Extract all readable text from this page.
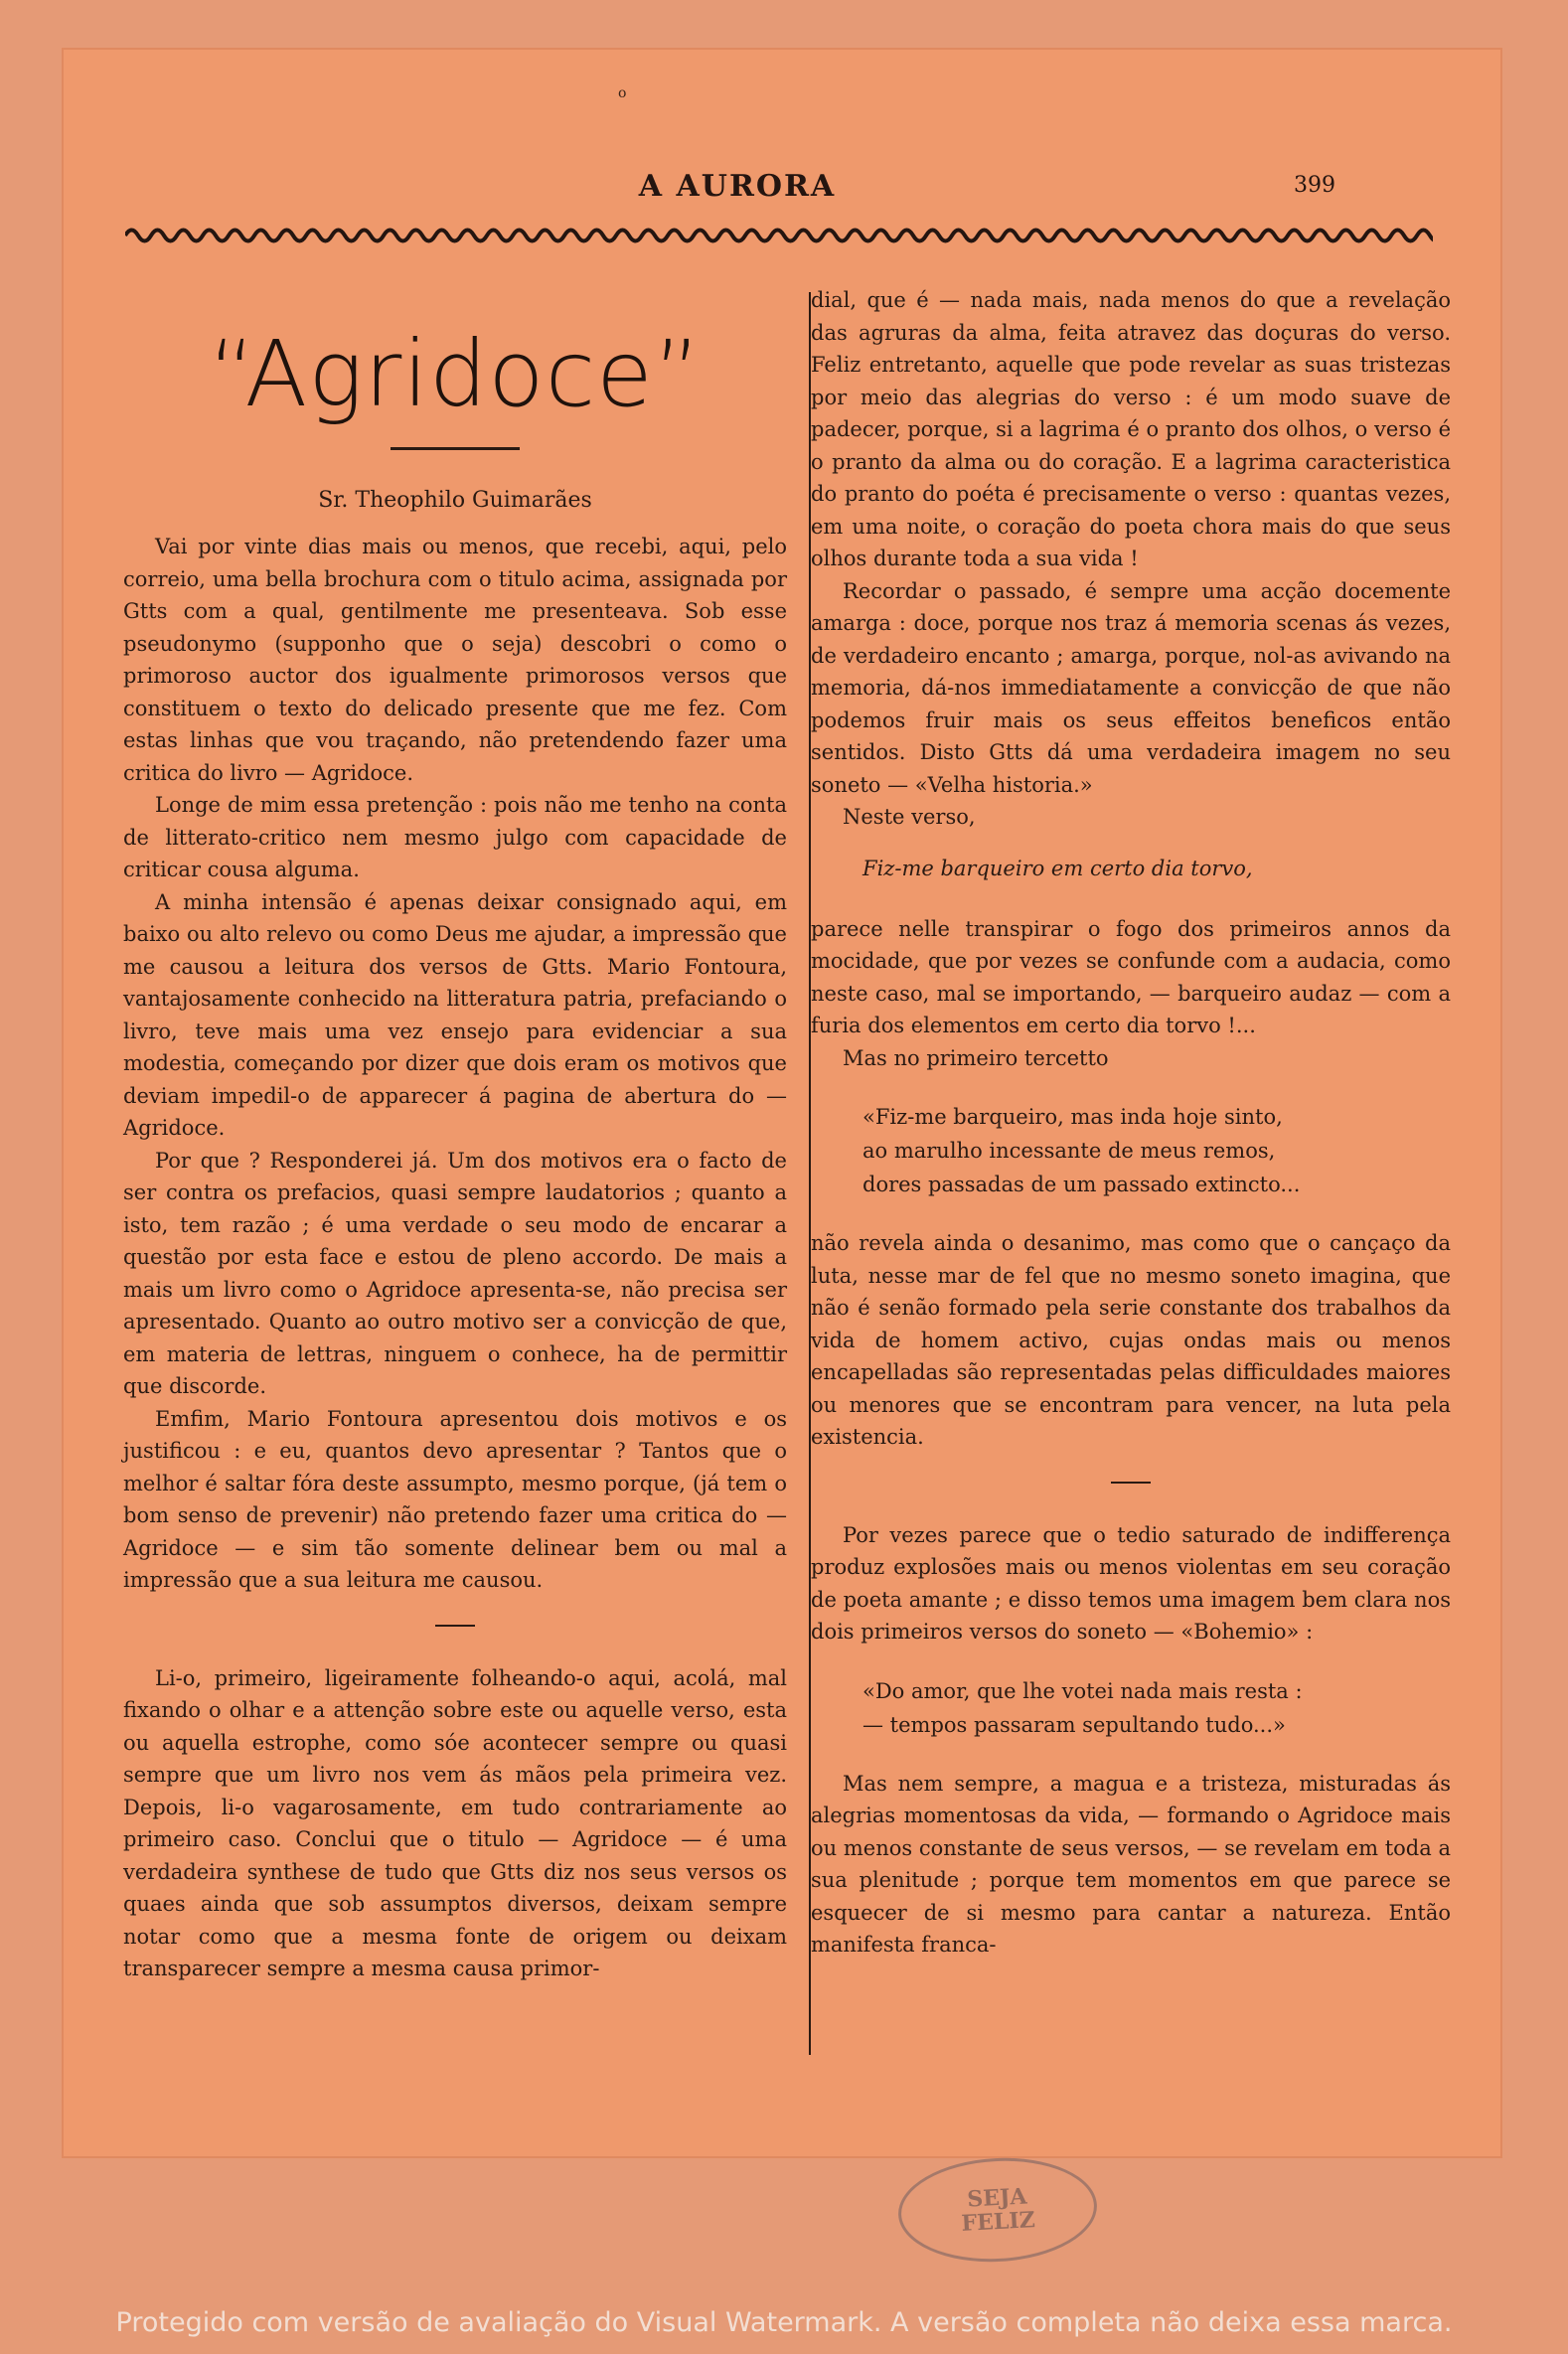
o
A AURORA	399
“Agridoce”
Sr. Theophilo Guimarães

Vai por vinte dias mais ou menos, que recebi, aqui, pelo correio, uma bella brochura com o titulo acima, assignada por Gtts com a qual, gentilmente me presenteava. Sob esse pseudonymo (supponho que o seja) descobri o como o primoroso auctor dos igualmente primorosos versos que constituem o texto do delicado presente que me fez. Com estas linhas que vou traçando, não pretendendo fazer uma critica do livro — Agridoce.

Longe de mim essa pretenção : pois não me tenho na conta de litterato-critico nem mesmo julgo com capacidade de criticar cousa alguma.

A minha intensão é apenas deixar consignado aqui, em baixo ou alto relevo ou como Deus me ajudar, a impressão que me causou a leitura dos versos de Gtts. Mario Fontoura, vantajosamente conhecido na litteratura patria, prefaciando o livro, teve mais uma vez ensejo para evidenciar a sua modestia, começando por dizer que dois eram os motivos que deviam impedil-o de apparecer á pagina de abertura do — Agridoce.

Por que ? Responderei já. Um dos motivos era o facto de ser contra os prefacios, quasi sempre laudatorios ; quanto a isto, tem razão ; é uma verdade o seu modo de encarar a questão por esta face e estou de pleno accordo. De mais a mais um livro como o Agridoce apresenta-se, não precisa ser apresentado. Quanto ao outro motivo ser a convicção de que, em materia de lettras, ninguem o conhece, ha de permittir que discorde.

Emfim, Mario Fontoura apresentou dois motivos e os justificou : e eu, quantos devo apresentar ? Tantos que o melhor é saltar fóra deste assumpto, mesmo porque, (já tem o bom senso de prevenir) não pretendo fazer uma critica do — Agridoce — e sim tão somente delinear bem ou mal a impressão que a sua leitura me causou.

Li-o, primeiro, ligeiramente folheando-o aqui, acolá, mal fixando o olhar e a attenção sobre este ou aquelle verso, esta ou aquella estrophe, como sóe acontecer sempre ou quasi sempre que um livro nos vem ás mãos pela primeira vez. Depois, li-o vagarosamente, em tudo contrariamente ao primeiro caso. Conclui que o titulo — Agridoce — é uma verdadeira synthese de tudo que Gtts diz nos seus versos os quaes ainda que sob assumptos diversos, deixam sempre notar como que a mesma fonte de origem ou deixam transparecer sempre a mesma causa primor-

dial, que é — nada mais, nada menos do que a revelação das agruras da alma, feita atravez das doçuras do verso. Feliz entretanto, aquelle que pode revelar as suas tristezas por meio das alegrias do verso : é um modo suave de padecer, porque, si a lagrima é o pranto dos olhos, o verso é o pranto da alma ou do coração. E a lagrima caracteristica do pranto do poéta é precisamente o verso : quantas vezes, em uma noite, o coração do poeta chora mais do que seus olhos durante toda a sua vida !

Recordar o passado, é sempre uma acção docemente amarga : doce, porque nos traz á memoria scenas ás vezes, de verdadeiro encanto ; amarga, porque, nol-as avivando na memoria, dá-nos immediatamente a convicção de que não podemos fruir mais os seus effeitos beneficos então sentidos. Disto Gtts dá uma verdadeira imagem no seu soneto — «Velha historia.»

Neste verso,

Fiz-me barqueiro em certo dia torvo,

parece nelle transpirar o fogo dos primeiros annos da mocidade, que por vezes se confunde com a audacia, como neste caso, mal se importando, — barqueiro audaz — com a furia dos elementos em certo dia torvo !...

Mas no primeiro tercetto

«Fiz-me barqueiro, mas inda hoje sinto,

ao marulho incessante de meus remos,

dores passadas de um passado extincto...

não revela ainda o desanimo, mas como que o cançaço da luta, nesse mar de fel que no mesmo soneto imagina, que não é senão formado pela serie constante dos trabalhos da vida de homem activo, cujas ondas mais ou menos encapelladas são representadas pelas difficuldades maiores ou menores que se encontram para vencer, na luta pela existencia.

Por vezes parece que o tedio saturado de indifferença produz explosões mais ou menos violentas em seu coração de poeta amante ; e disso temos uma imagem bem clara nos dois primeiros versos do soneto — «Bohemio» :

«Do amor, que lhe votei nada mais resta :

— tempos passaram sepultando tudo...»

Mas nem sempre, a magua e a tristeza, misturadas ás alegrias momentosas da vida, — formando o Agridoce mais ou menos constante de seus versos, — se revelam em toda a sua plenitude ; porque tem momentos em que parece se esquecer de si mesmo para cantar a natureza. Então manifesta franca-

SEJA
FELIZ
Protegido com versão de avaliação do Visual Watermark. A versão completa não deixa essa marca.
